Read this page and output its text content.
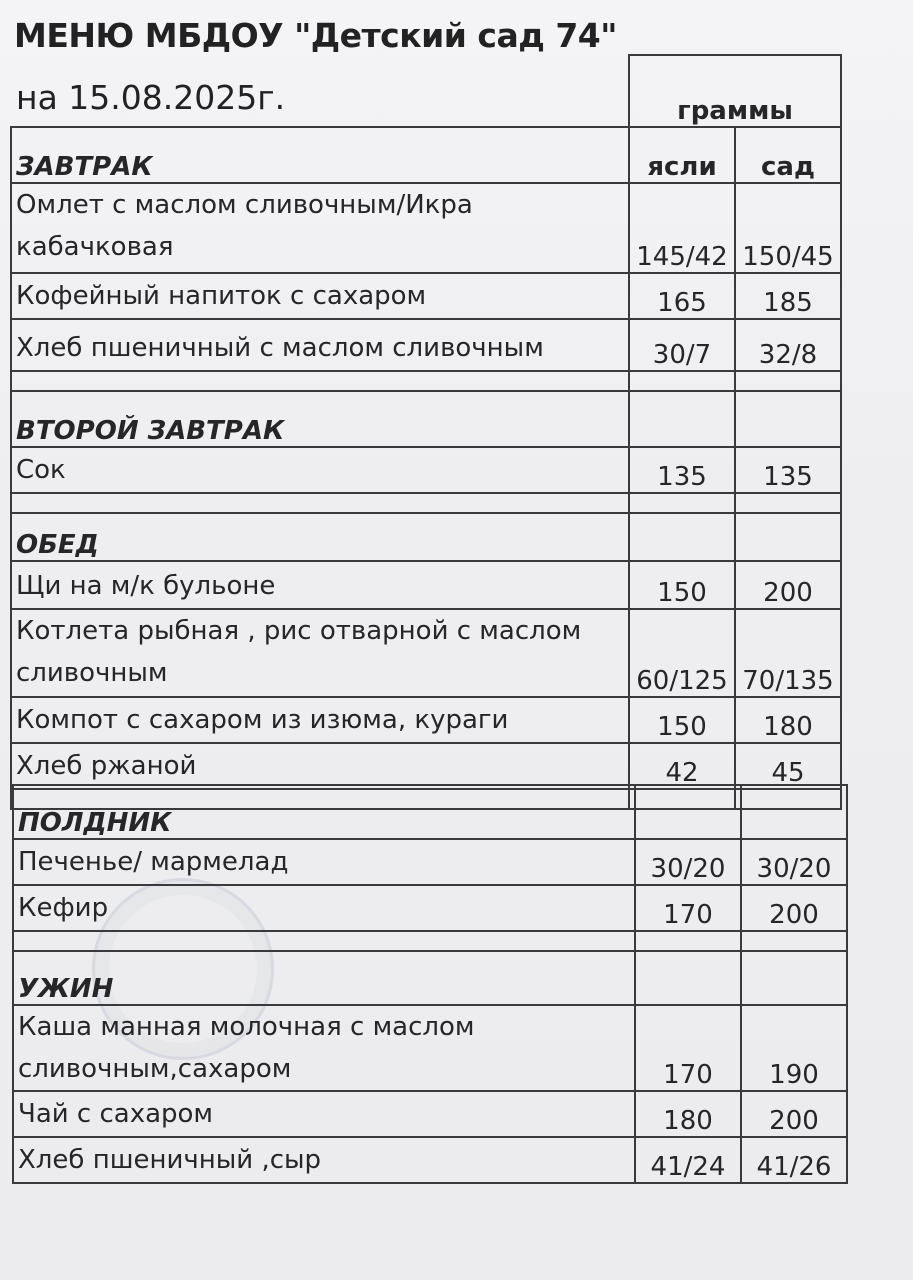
МЕНЮ МБДОУ "Детский сад 74"
на 15.08.2025г.	граммы
ЗАВТРАК	ясли	сад
Омлет с маслом сливочным/Икра кабачковая	145/42	150/45
Кофейный напиток с сахаром	165	185
Хлеб пшеничный с маслом сливочным	30/7	32/8

ВТОРОЙ ЗАВТРАК		
Сок	135	135

ОБЕД		
Щи на м/к бульоне	150	200
Котлета рыбная , рис отварной с маслом сливочным	60/125	70/135
Компот с сахаром из изюма, кураги	150	180
Хлеб ржаной	42	45

ПОЛДНИК		
Печенье/ мармелад	30/20	30/20
Кефир	170	200

УЖИН		
Каша манная молочная с маслом сливочным,сахаром	170	190
Чай с сахаром	180	200
Хлеб пшеничный ,сыр	41/24	41/26
